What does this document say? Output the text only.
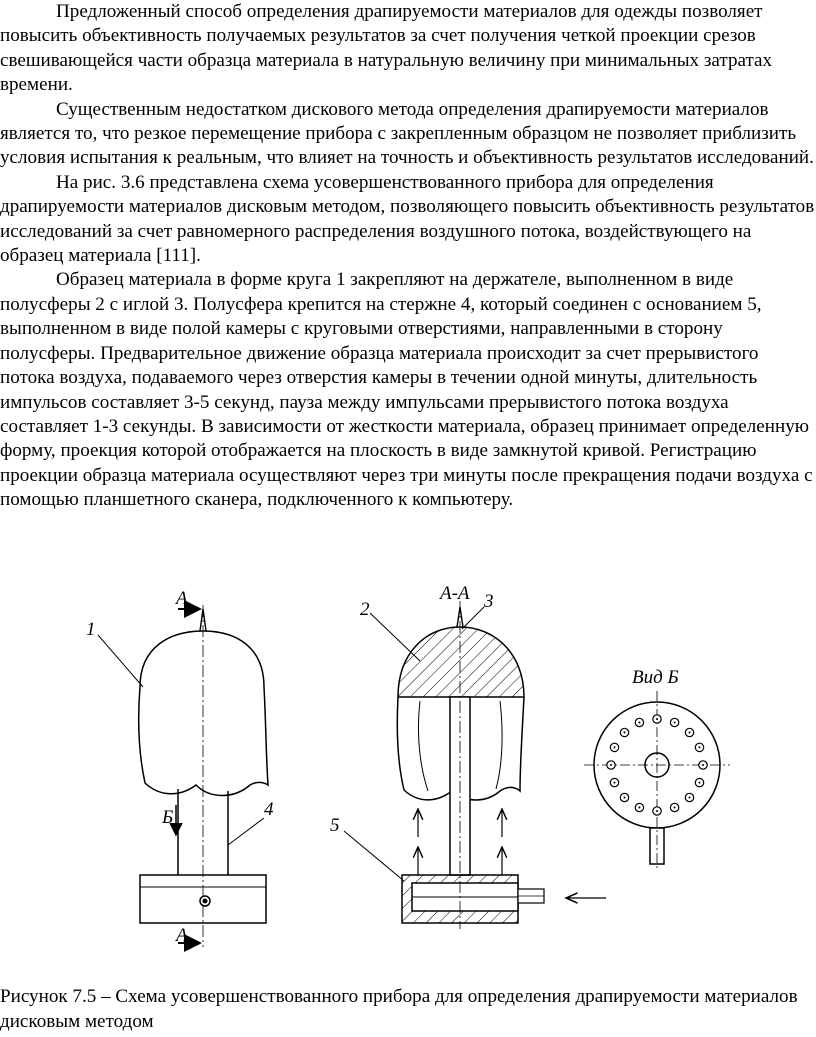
Предложенный способ определения драпируемости материалов для одежды позволяет повысить объективность получаемых результатов за счет получения четкой проекции срезов свешивающейся части образца материала в натуральную величину при минимальных затратах времени.

Существенным недостатком дискового метода определения драпируемости материалов является то, что резкое перемещение прибора с закрепленным образцом не позволяет приблизить условия испытания к реальным, что влияет на точность и объективность результатов исследований.

На рис. 3.6 представлена схема усовершенствованного прибора для определения драпируемости материалов дисковым методом, позволяющего повысить объективность результатов исследований за счет равномерного распределения воздушного потока, воздействующего на образец материала [111].

Образец материала в форме круга 1 закрепляют на держателе, выполненном в виде полусферы 2 с иглой 3. Полусфера крепится на стержне 4, который соединен с основанием 5, выполненном в виде полой камеры с круговыми отверстиями, направленными в сторону полусферы. Предварительное движение образца материала происходит за счет прерывистого потока воздуха, подаваемого через отверстия камеры в течении одной минуты, длительность импульсов составляет 3-5 секунд, пауза между импульсами прерывистого потока воздуха составляет 1-3 секунды. В зависимости от жесткости материала, образец принимает определенную форму, проекция которой отображается на плоскость в виде замкнутой кривой. Регистрацию проекции образца материала осуществляют через три минуты после прекращения подачи воздуха с помощью планшетного сканера, подключенного к компьютеру.

А
1
Б	4
А
А-А
2	3
5
Вид Б

Рисунок 7.5 – Схема усовершенствованного прибора для определения драпируемости материалов дисковым методом
